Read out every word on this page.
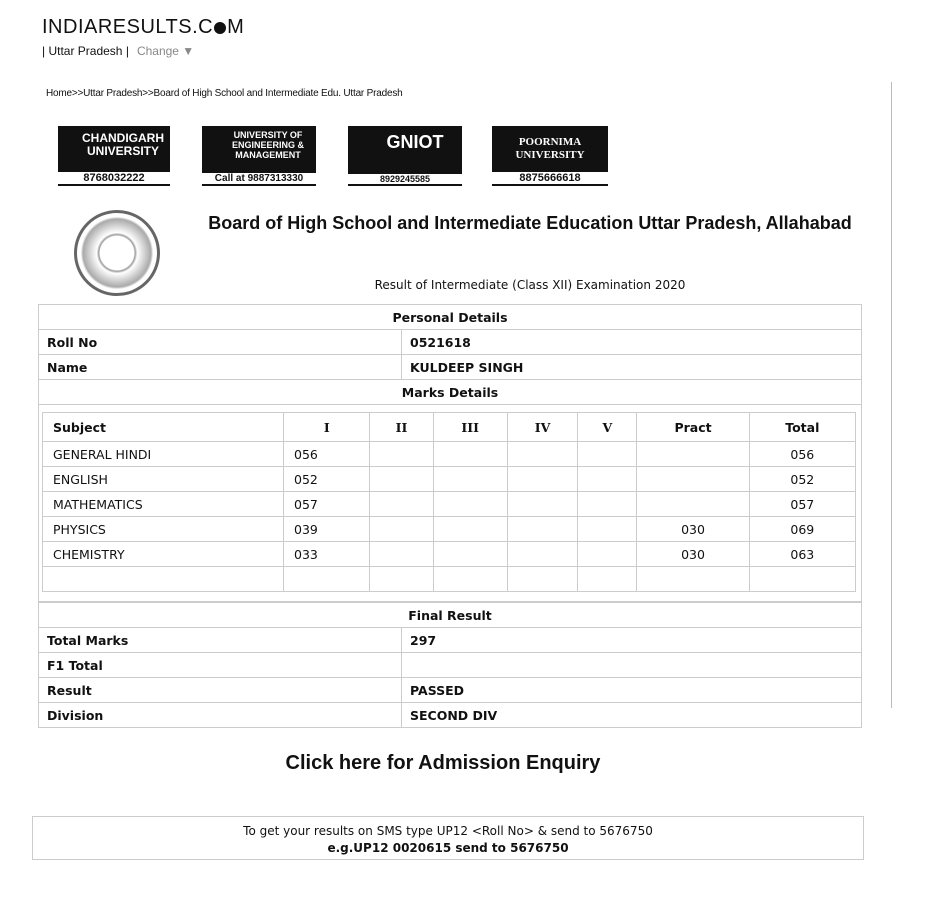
INDIARESULTS.C M
| Uttar Pradesh | Change ▼
Home>>Uttar Pradesh>>Board of High School and Intermediate Edu. Uttar Pradesh
CHANDIGARH UNIVERSITY
8768032222
UNIVERSITY OF ENGINEERING & MANAGEMENT
Call at 9887313330
GNIOT
8929245585
POORNIMA UNIVERSITY
8875666618
Board of High School and Intermediate Education Uttar Pradesh, Allahabad
Result of Intermediate (Class XII) Examination 2020
Personal Details	
Roll No	0521618
Name	KULDEEP SINGH
Marks Details	
Subject	I	II	III	IV	V	Pract	Total
GENERAL HINDI	056						056
ENGLISH	052						052
MATHEMATICS	057						057
PHYSICS	039					030	069
CHEMISTRY	033					030	063

Final Result	
Total Marks	297
F1 Total	
Result	PASSED
Division	SECOND DIV
Click here for Admission Enquiry
To get your results on SMS type UP12 <Roll No> & send to 5676750
e.g.UP12 0020615 send to 5676750
